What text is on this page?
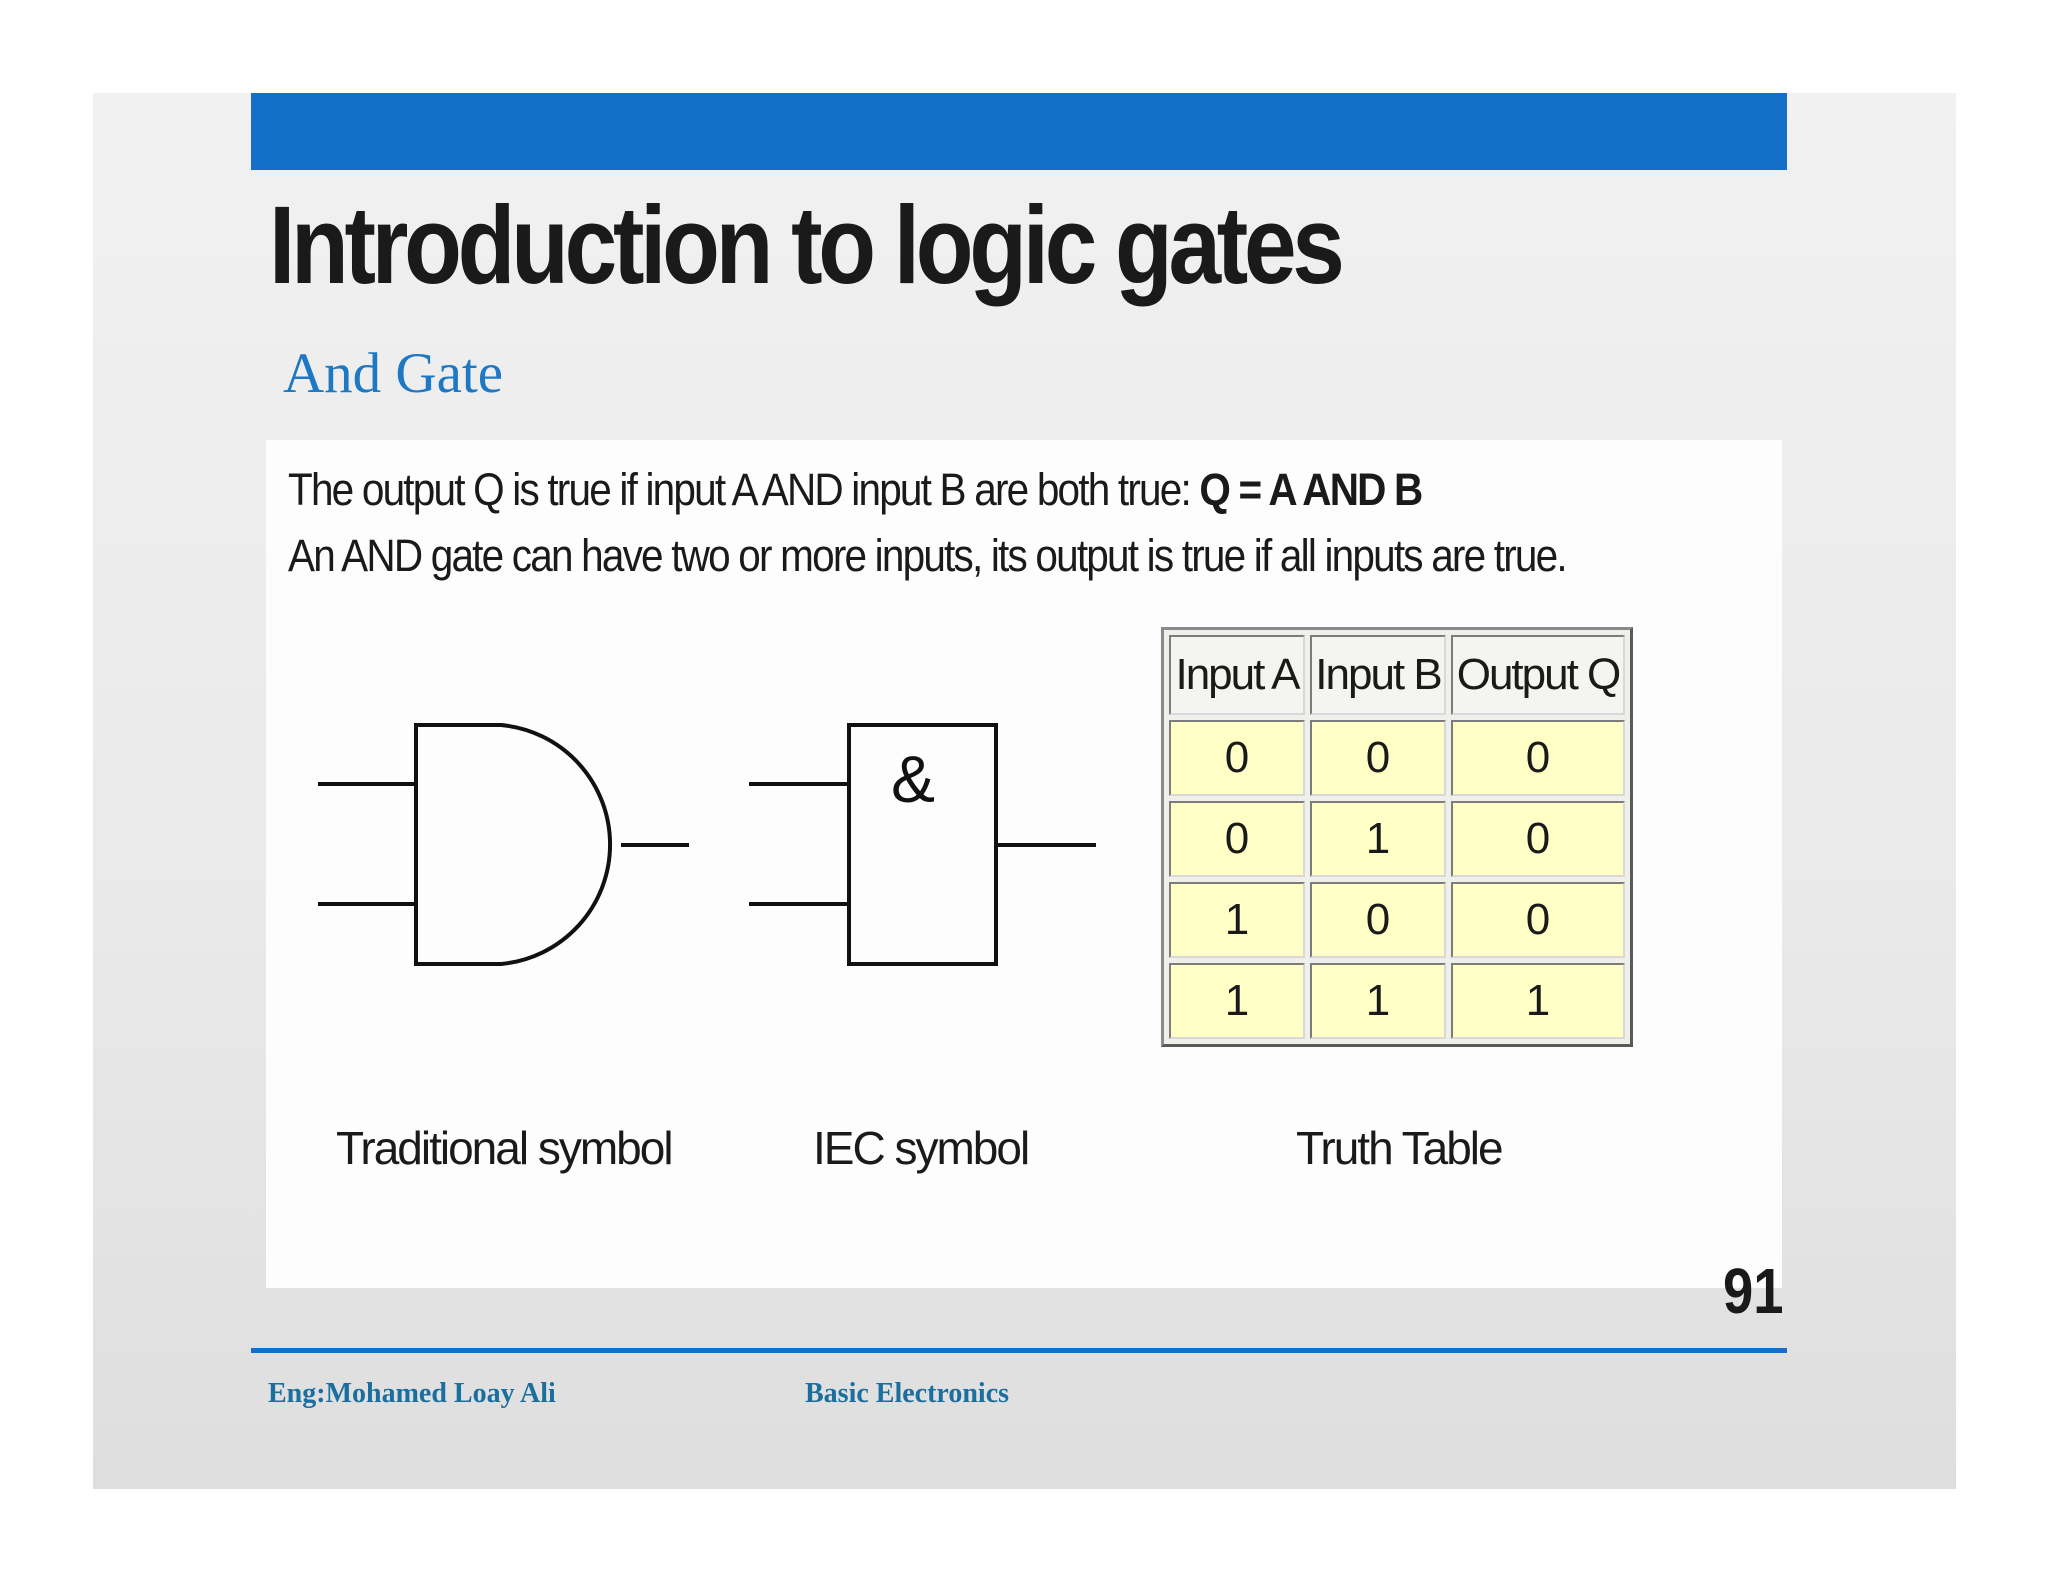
Introduction to logic gates
And Gate
The output Q is true if input A AND input B are both true: Q = A AND B
An AND gate can have two or more inputs, its output is true if all inputs are true.
&
Input A	Input B	Output Q
0	0	0
0	1	0
1	0	0
1	1	1
Traditional symbol	IEC symbol	Truth Table
91
Eng:Mohamed Loay Ali	Basic Electronics
